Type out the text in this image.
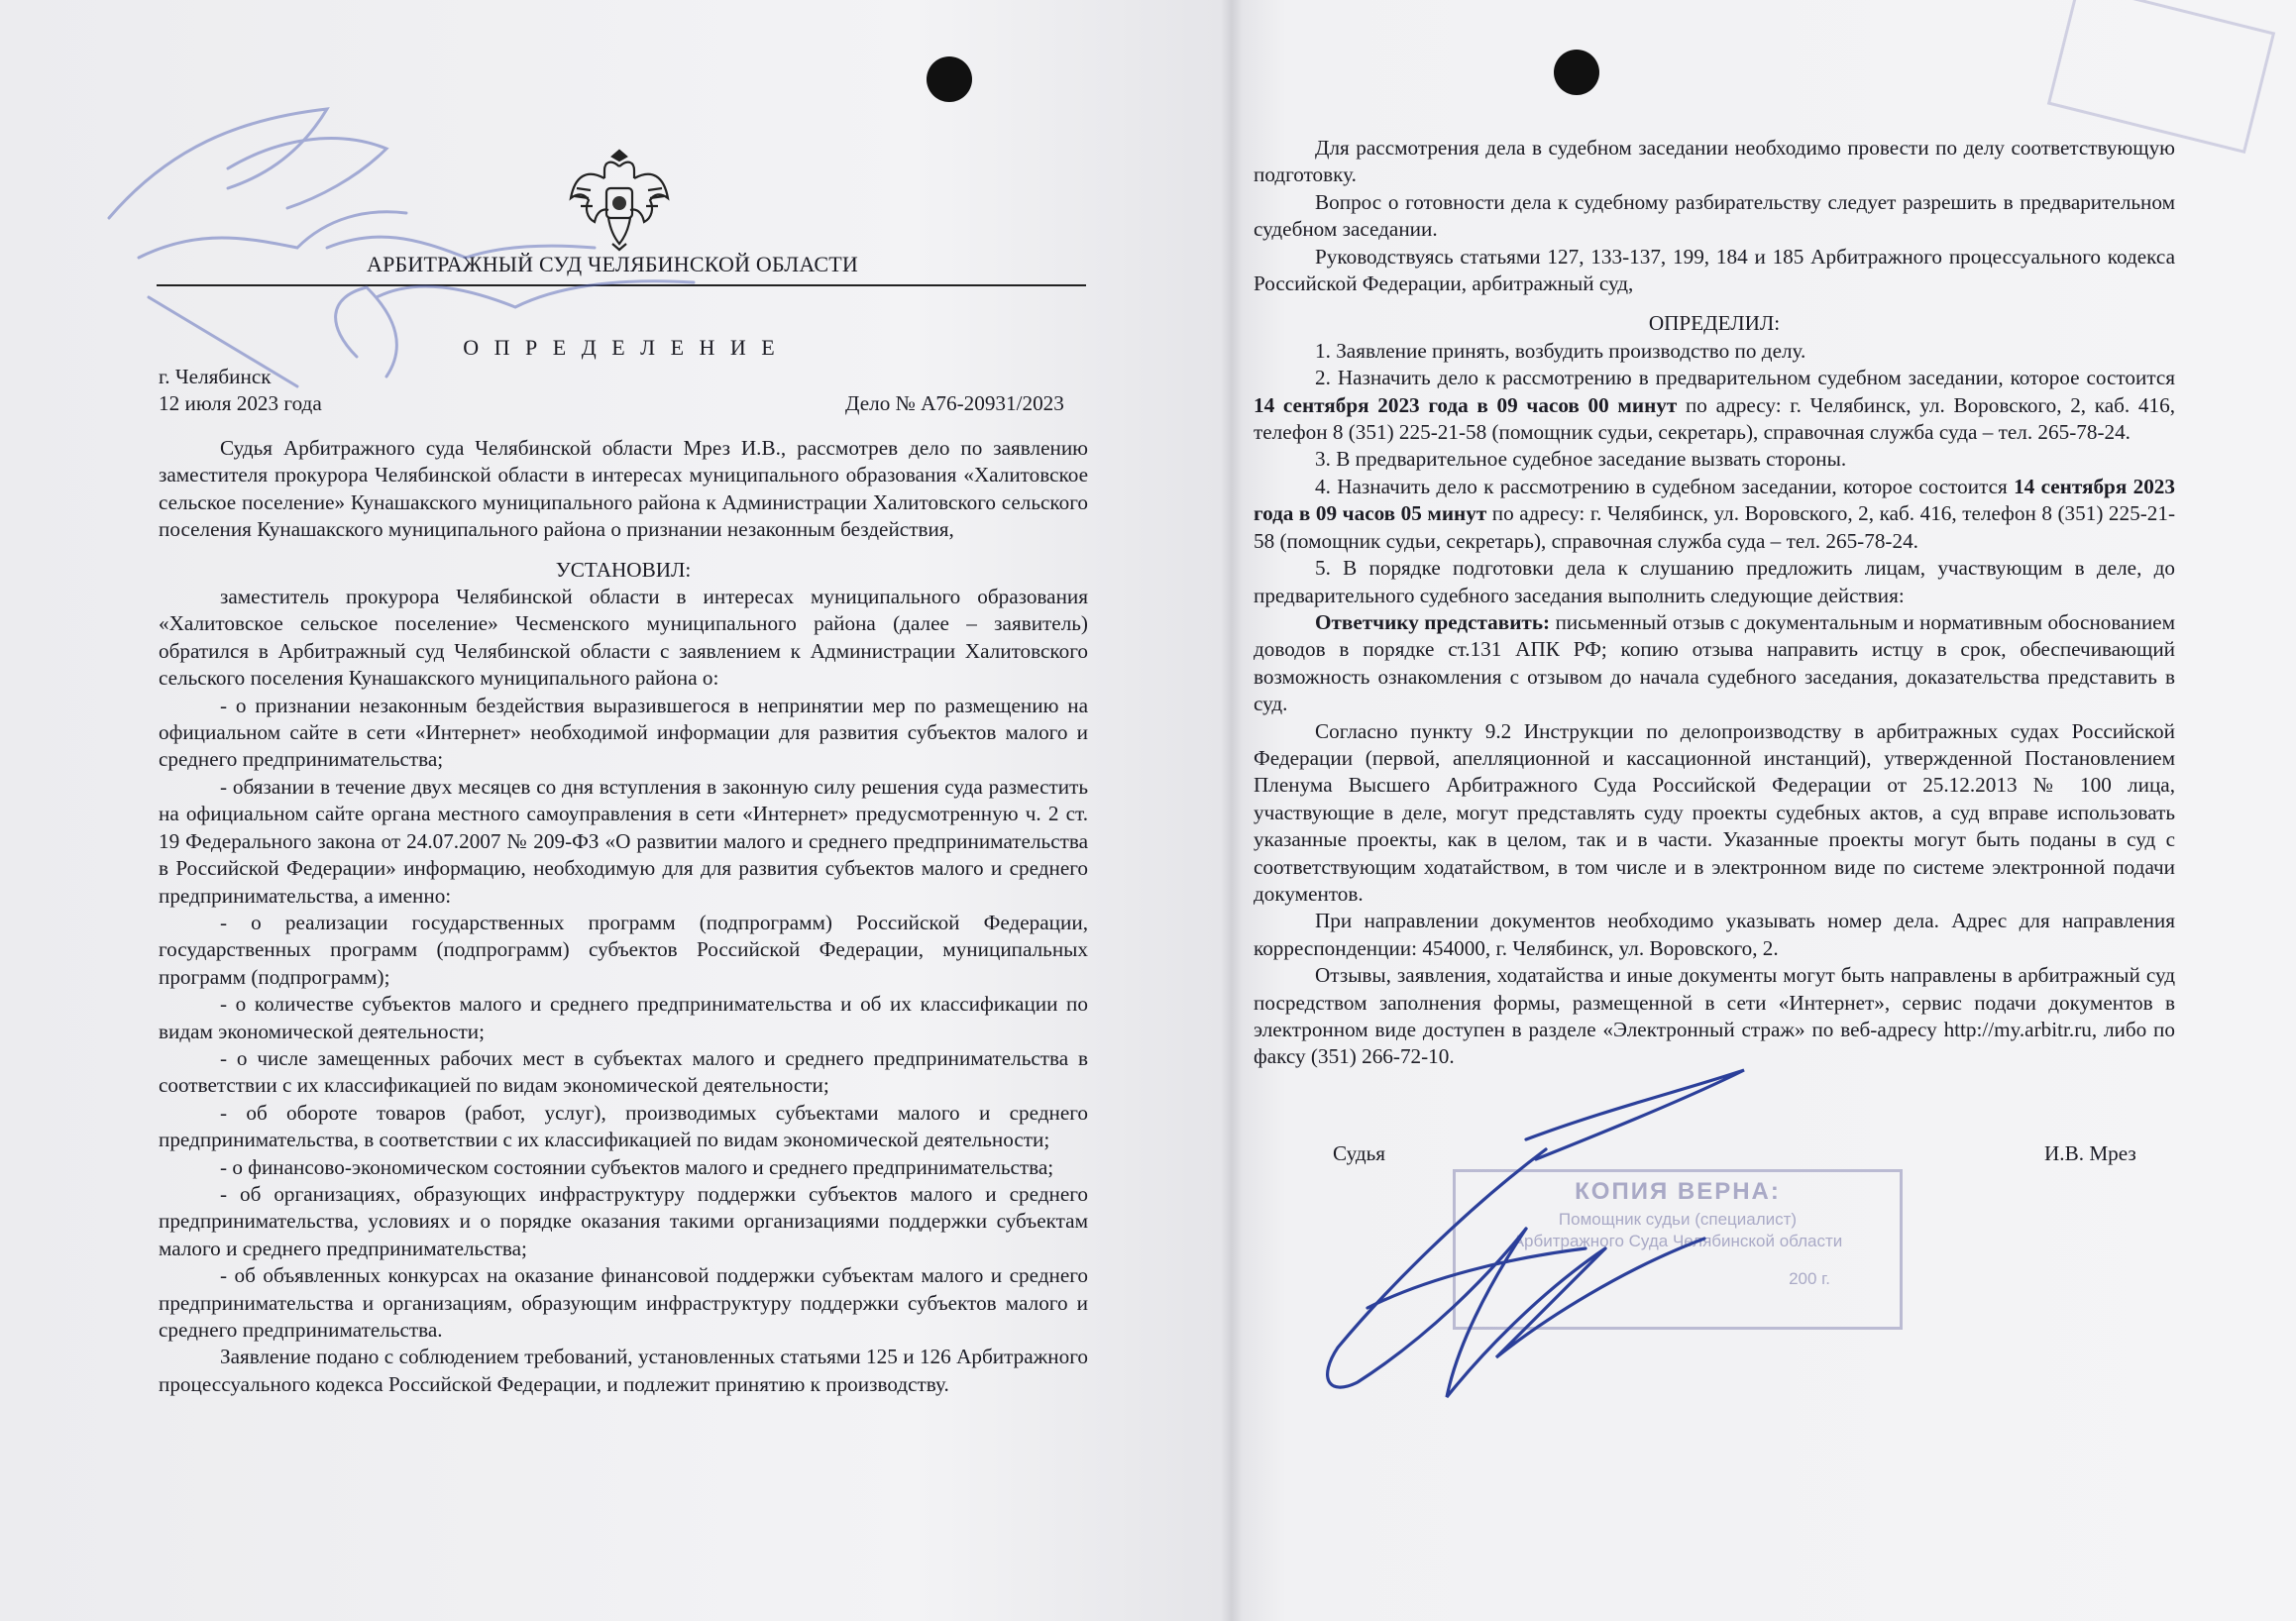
АРБИТРАЖНЫЙ СУД ЧЕЛЯБИНСКОЙ ОБЛАСТИ
О П Р Е Д Е Л Е Н И Е
г. Челябинск
12 июля 2023 года	Дело № А76-20931/2023

Судья Арбитражного суда Челябинской области Мрез И.В., рассмотрев дело по заявлению заместителя прокурора Челябинской области в интересах муниципального образования «Халитовское сельское поселение» Кунашакского муниципального района к Администрации Халитовского сельского поселения Кунашакского муниципального района о признании незаконным бездействия,

УСТАНОВИЛ:

заместитель прокурора Челябинской области в интересах муниципального образования «Халитовское сельское поселение» Чесменского муниципального района (далее – заявитель) обратился в Арбитражный суд Челябинской области с заявлением к Администрации Халитовского сельского поселения Кунашакского муниципального района о:

- о признании незаконным бездействия выразившегося в непринятии мер по размещению на официальном сайте в сети «Интернет» необходимой информации для развития субъектов малого и среднего предпринимательства;

- обязании в течение двух месяцев со дня вступления в законную силу решения суда разместить на официальном сайте органа местного самоуправления в сети «Интернет» предусмотренную ч. 2 ст. 19 Федерального закона от 24.07.2007 № 209-ФЗ «О развитии малого и среднего предпринимательства в Российской Федерации» информацию, необходимую для для развития субъектов малого и среднего предпринимательства, а именно:

- о реализации государственных программ (подпрограмм) Российской Федерации, государственных программ (подпрограмм) субъектов Российской Федерации, муниципальных программ (подпрограмм);

- о количестве субъектов малого и среднего предпринимательства и об их классификации по видам экономической деятельности;

- о числе замещенных рабочих мест в субъектах малого и среднего предпринимательства в соответствии с их классификацией по видам экономической деятельности;

- об обороте товаров (работ, услуг), производимых субъектами малого и среднего предпринимательства, в соответствии с их классификацией по видам экономической деятельности;

- о финансово-экономическом состоянии субъектов малого и среднего предпринимательства;

- об организациях, образующих инфраструктуру поддержки субъектов малого и среднего предпринимательства, условиях и о порядке оказания такими организациями поддержки субъектам малого и среднего предпринимательства;

- об объявленных конкурсах на оказание финансовой поддержки субъектам малого и среднего предпринимательства и организациям, образующим инфраструктуру поддержки субъектов малого и среднего предпринимательства.

Заявление подано с соблюдением требований, установленных статьями 125 и 126 Арбитражного процессуального кодекса Российской Федерации, и подлежит принятию к производству.

Для рассмотрения дела в судебном заседании необходимо провести по делу соответствующую подготовку.

Вопрос о готовности дела к судебному разбирательству следует разрешить в предварительном судебном заседании.

Руководствуясь статьями 127, 133-137, 199, 184 и 185 Арбитражного процессуального кодекса Российской Федерации, арбитражный суд,

ОПРЕДЕЛИЛ:

1. Заявление принять, возбудить производство по делу.

2. Назначить дело к рассмотрению в предварительном судебном заседании, которое состоится 14 сентября 2023 года в 09 часов 00 минут по адресу: г. Челябинск, ул. Воровского, 2, каб. 416, телефон 8 (351) 225-21-58 (помощник судьи, секретарь), справочная служба суда – тел. 265-78-24.

3. В предварительное судебное заседание вызвать стороны.

4. Назначить дело к рассмотрению в судебном заседании, которое состоится 14 сентября 2023 года в 09 часов 05 минут по адресу: г. Челябинск, ул. Воровского, 2, каб. 416, телефон 8 (351) 225-21-58 (помощник судьи, секретарь), справочная служба суда – тел. 265-78-24.

5. В порядке подготовки дела к слушанию предложить лицам, участвующим в деле, до предварительного судебного заседания выполнить следующие действия:

Ответчику представить: письменный отзыв с документальным и нормативным обоснованием доводов в порядке ст.131 АПК РФ; копию отзыва направить истцу в срок, обеспечивающий возможность ознакомления с отзывом до начала судебного заседания, доказательства представить в суд.

Согласно пункту 9.2 Инструкции по делопроизводству в арбитражных судах Российской Федерации (первой, апелляционной и кассационной инстанций), утвержденной Постановлением Пленума Высшего Арбитражного Суда Российской Федерации от 25.12.2013 № 100 лица, участвующие в деле, могут представлять суду проекты судебных актов, а суд вправе использовать указанные проекты, как в целом, так и в части. Указанные проекты могут быть поданы в суд с соответствующим ходатайством, в том числе и в электронном виде по системе электронной подачи документов.

При направлении документов необходимо указывать номер дела. Адрес для направления корреспонденции: 454000, г. Челябинск, ул. Воровского, 2.

Отзывы, заявления, ходатайства и иные документы могут быть направлены в арбитражный суд посредством заполнения формы, размещенной в сети «Интернет», сервис подачи документов в электронном виде доступен в разделе «Электронный страж» по веб-адресу http://my.arbitr.ru, либо по факсу (351) 266-72-10.

Судья	И.В. Мрез
КОПИЯ ВЕРНА:
Помощник судьи (специалист)
Арбитражного Суда Челябинской области
200 г.
